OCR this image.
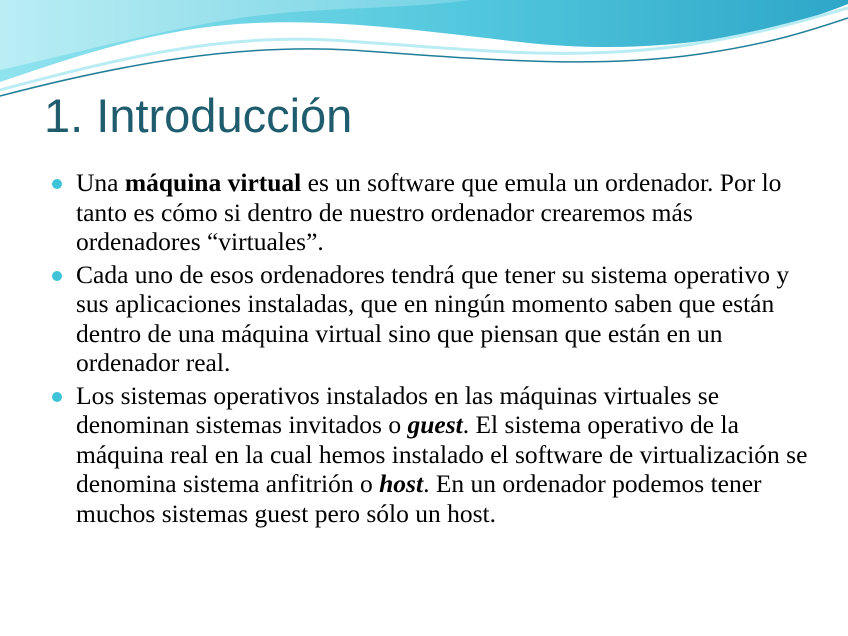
1. Introducción
Una máquina virtual es un software que emula un ordenador. Por lo tanto es cómo si dentro de nuestro ordenador crearemos más ordenadores “virtuales”.
Cada uno de esos ordenadores tendrá que tener su sistema operativo y sus aplicaciones instaladas, que en ningún momento saben que están dentro de una máquina virtual sino que piensan que están en un ordenador real.
Los sistemas operativos instalados en las máquinas virtuales se denominan sistemas invitados o guest. El sistema operativo de la máquina real en la cual hemos instalado el software de virtualización se denomina sistema anfitrión o host. En un ordenador podemos tener muchos sistemas guest pero sólo un host.
